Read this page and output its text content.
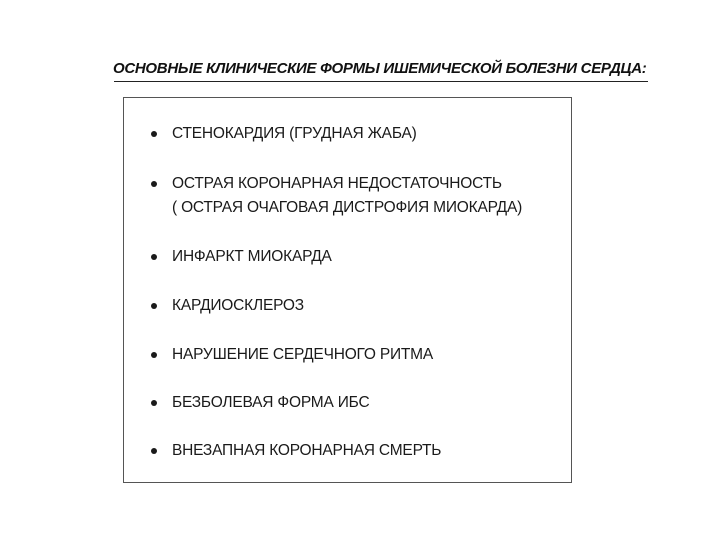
ОСНОВНЫЕ КЛИНИЧЕСКИЕ ФОРМЫ ИШЕМИЧЕСКОЙ БОЛЕЗНИ СЕРДЦА:
СТЕНОКАРДИЯ (ГРУДНАЯ ЖАБА)
ОСТРАЯ КОРОНАРНАЯ НЕДОСТАТОЧНОСТЬ
( ОСТРАЯ ОЧАГОВАЯ ДИСТРОФИЯ МИОКАРДА)
ИНФАРКТ МИОКАРДА
КАРДИОСКЛЕРОЗ
НАРУШЕНИЕ СЕРДЕЧНОГО РИТМА
БЕЗБОЛЕВАЯ ФОРМА ИБС
ВНЕЗАПНАЯ КОРОНАРНАЯ СМЕРТЬ
